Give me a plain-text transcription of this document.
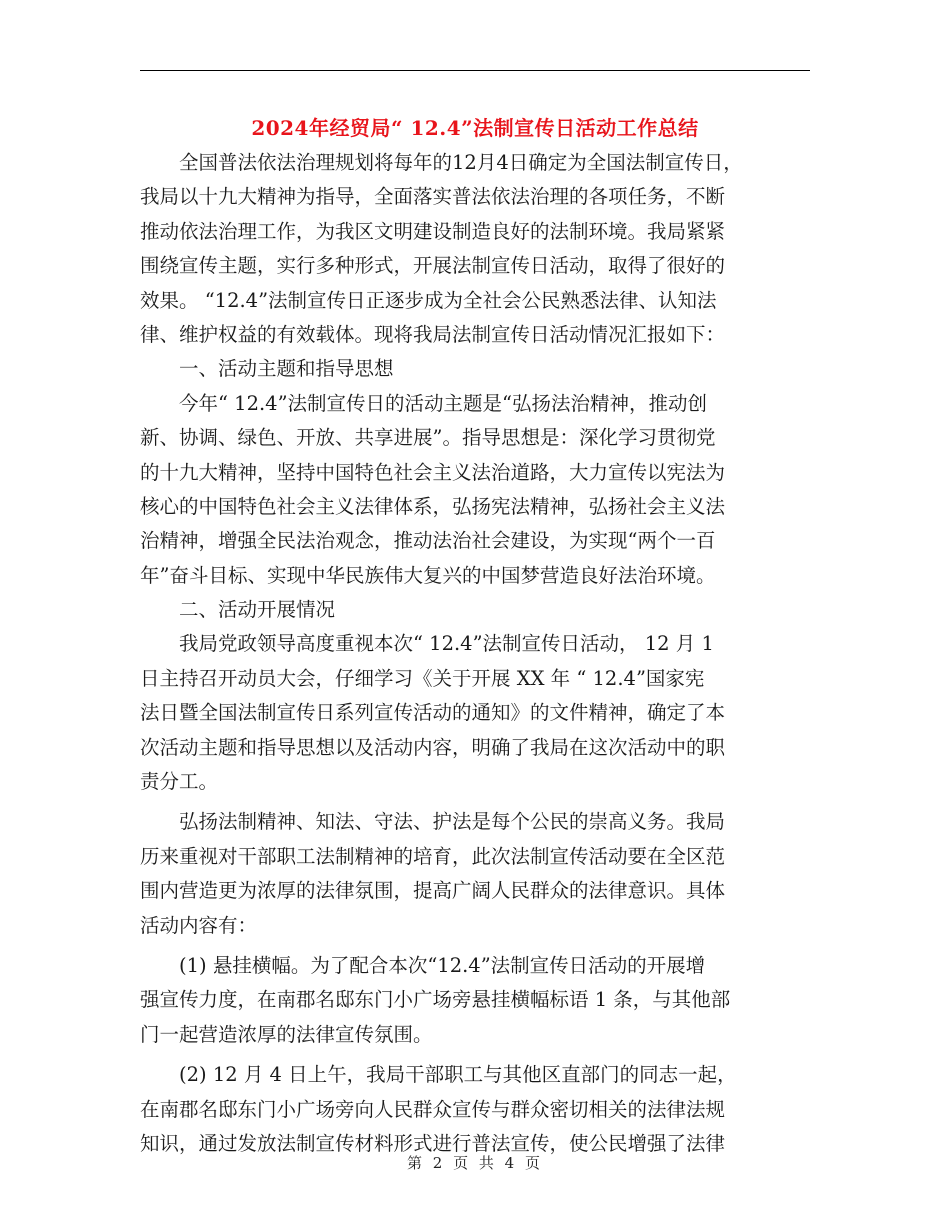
2024年经贸局“ 12.4”法制宣传日活动工作总结
全国普法依法治理规划将每年的12月4日确定为全国法制宣传日，
我局以十九大精神为指导，全面落实普法依法治理的各项任务，不断
推动依法治理工作，为我区文明建设制造良好的法制环境。我局紧紧
围绕宣传主题，实行多种形式，开展法制宣传日活动，取得了很好的
效果。 “12.4”法制宣传日正逐步成为全社会公民熟悉法律、认知法
律、维护权益的有效载体。现将我局法制宣传日活动情况汇报如下：
一、活动主题和指导思想
今年“ 12.4”法制宣传日的活动主题是“弘扬法治精神，推动创
新、协调、绿色、开放、共享进展”。指导思想是：深化学习贯彻党
的十九大精神，坚持中国特色社会主义法治道路，大力宣传以宪法为
核心的中国特色社会主义法律体系，弘扬宪法精神，弘扬社会主义法
治精神，增强全民法治观念，推动法治社会建设，为实现“两个一百
年”奋斗目标、实现中华民族伟大复兴的中国梦营造良好法治环境。
二、活动开展情况
我局党政领导高度重视本次“ 12.4”法制宣传日活动， 12 月 1
日主持召开动员大会，仔细学习《关于开展 XX 年 “ 12.4”国家宪
法日暨全国法制宣传日系列宣传活动的通知》的文件精神，确定了本
次活动主题和指导思想以及活动内容，明确了我局在这次活动中的职
责分工。
弘扬法制精神、知法、守法、护法是每个公民的崇高义务。我局
历来重视对干部职工法制精神的培育，此次法制宣传活动要在全区范
围内营造更为浓厚的法律氛围，提高广阔人民群众的法律意识。具体
活动内容有：
(1) 悬挂横幅。为了配合本次“12.4”法制宣传日活动的开展增
强宣传力度，在南郡名邸东门小广场旁悬挂横幅标语 1 条，与其他部
门一起营造浓厚的法律宣传氛围。
(2) 12 月 4 日上午，我局干部职工与其他区直部门的同志一起，
在南郡名邸东门小广场旁向人民群众宣传与群众密切相关的法律法规
知识，通过发放法制宣传材料形式进行普法宣传，使公民增强了法律
第 2 页 共 4 页
